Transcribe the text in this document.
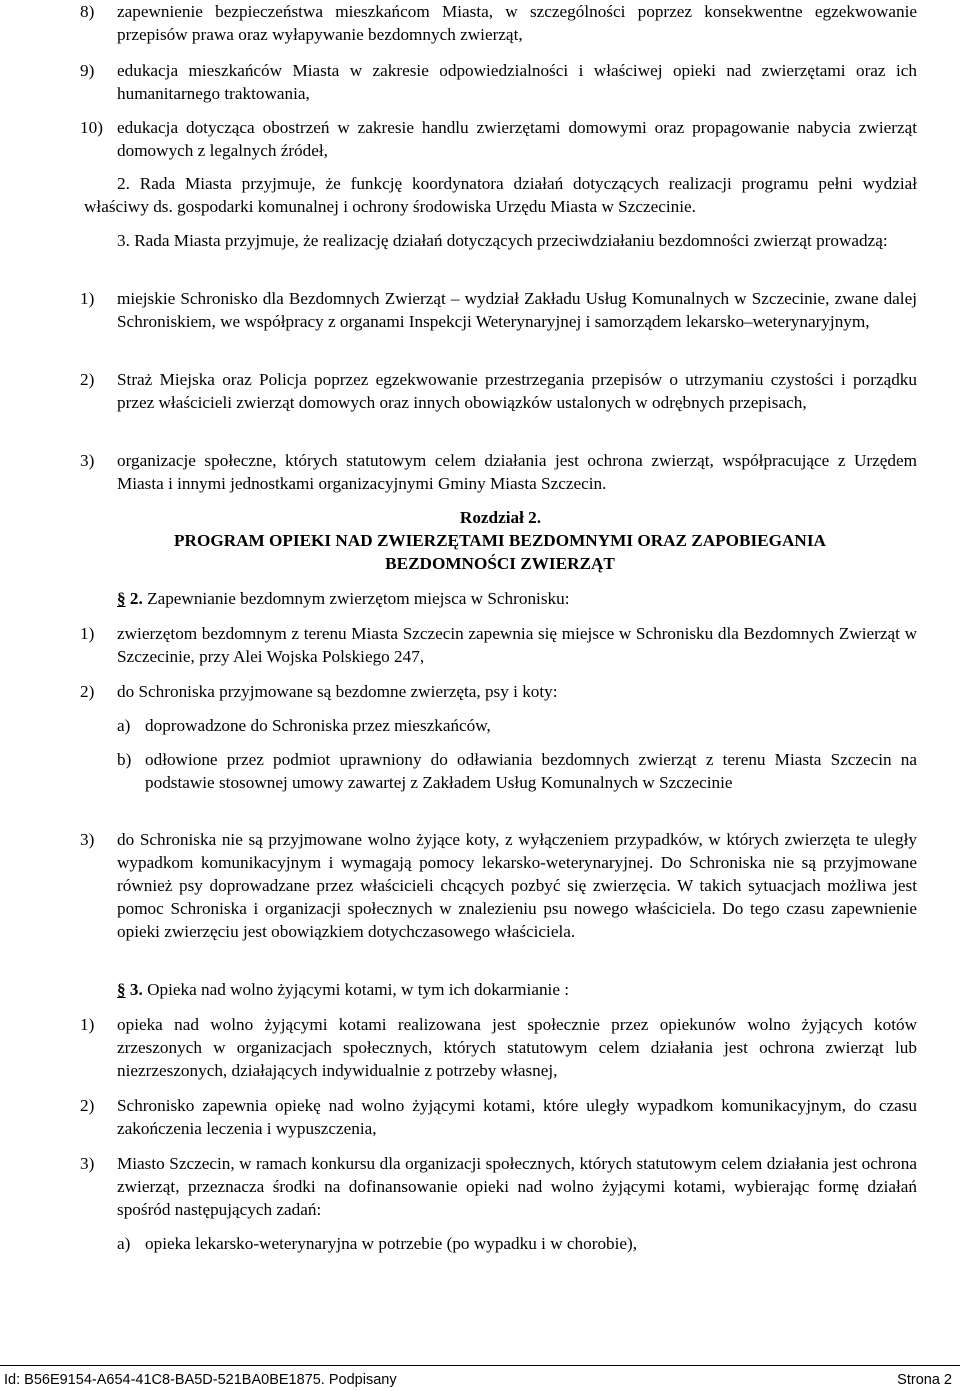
8) zapewnienie bezpieczeństwa mieszkańcom Miasta, w szczególności poprzez konsekwentne egzekwowanie przepisów prawa oraz wyłapywanie bezdomnych zwierząt,

9) edukacja mieszkańców Miasta w zakresie odpowiedzialności i właściwej opieki nad zwierzętami oraz ich humanitarnego traktowania,

10) edukacja dotycząca obostrzeń w zakresie handlu zwierzętami domowymi oraz propagowanie nabycia zwierząt domowych z legalnych źródeł,

2. Rada Miasta przyjmuje, że funkcję koordynatora działań dotyczących realizacji programu pełni wydział właściwy ds. gospodarki komunalnej i ochrony środowiska Urzędu Miasta w Szczecinie.

3. Rada Miasta przyjmuje, że realizację działań dotyczących przeciwdziałaniu bezdomności zwierząt prowadzą:

1) miejskie Schronisko dla Bezdomnych Zwierząt – wydział Zakładu Usług Komunalnych w Szczecinie, zwane dalej Schroniskiem, we współpracy z organami Inspekcji Weterynaryjnej i samorządem lekarsko–weterynaryjnym,

2) Straż Miejska oraz Policja poprzez egzekwowanie przestrzegania przepisów o utrzymaniu czystości i porządku przez właścicieli zwierząt domowych oraz innych obowiązków ustalonych w odrębnych przepisach,

3) organizacje społeczne, których statutowym celem działania jest ochrona zwierząt, współpracujące z Urzędem Miasta i innymi jednostkami organizacyjnymi Gminy Miasta Szczecin.

Rozdział 2.

PROGRAM OPIEKI NAD ZWIERZĘTAMI BEZDOMNYMI ORAZ ZAPOBIEGANIA BEZDOMNOŚCI ZWIERZĄT

§ 2. Zapewnianie bezdomnym zwierzętom miejsca w Schronisku:

1) zwierzętom bezdomnym z terenu Miasta Szczecin zapewnia się miejsce w Schronisku dla Bezdomnych Zwierząt w Szczecinie, przy Alei Wojska Polskiego 247,

2) do Schroniska przyjmowane są bezdomne zwierzęta, psy i koty:

a) doprowadzone do Schroniska przez mieszkańców,

b) odłowione przez podmiot uprawniony do odławiania bezdomnych zwierząt z terenu Miasta Szczecin na podstawie stosownej umowy zawartej z Zakładem Usług Komunalnych w Szczecinie

3) do Schroniska nie są przyjmowane wolno żyjące koty, z wyłączeniem przypadków, w których zwierzęta te uległy wypadkom komunikacyjnym i wymagają pomocy lekarsko-weterynaryjnej. Do Schroniska nie są przyjmowane również psy doprowadzane przez właścicieli chcących pozbyć się zwierzęcia. W takich sytuacjach możliwa jest pomoc Schroniska i organizacji społecznych w znalezieniu psu nowego właściciela. Do tego czasu zapewnienie opieki zwierzęciu jest obowiązkiem dotychczasowego właściciela.

§ 3. Opieka nad wolno żyjącymi kotami, w tym ich dokarmianie :

1) opieka nad wolno żyjącymi kotami realizowana jest społecznie przez opiekunów wolno żyjących kotów zrzeszonych w organizacjach społecznych, których statutowym celem działania jest ochrona zwierząt lub niezrzeszonych, działających indywidualnie z potrzeby własnej,

2) Schronisko zapewnia opiekę nad wolno żyjącymi kotami, które uległy wypadkom komunikacyjnym, do czasu zakończenia leczenia i wypuszczenia,

3) Miasto Szczecin, w ramach konkursu dla organizacji społecznych, których statutowym celem działania jest ochrona zwierząt, przeznacza środki na dofinansowanie opieki nad wolno żyjącymi kotami, wybierając formę działań spośród następujących zadań:

a) opieka lekarsko-weterynaryjna w potrzebie (po wypadku i w chorobie),

Id: B56E9154-A654-41C8-BA5D-521BA0BE1875. Podpisany	Strona 2
